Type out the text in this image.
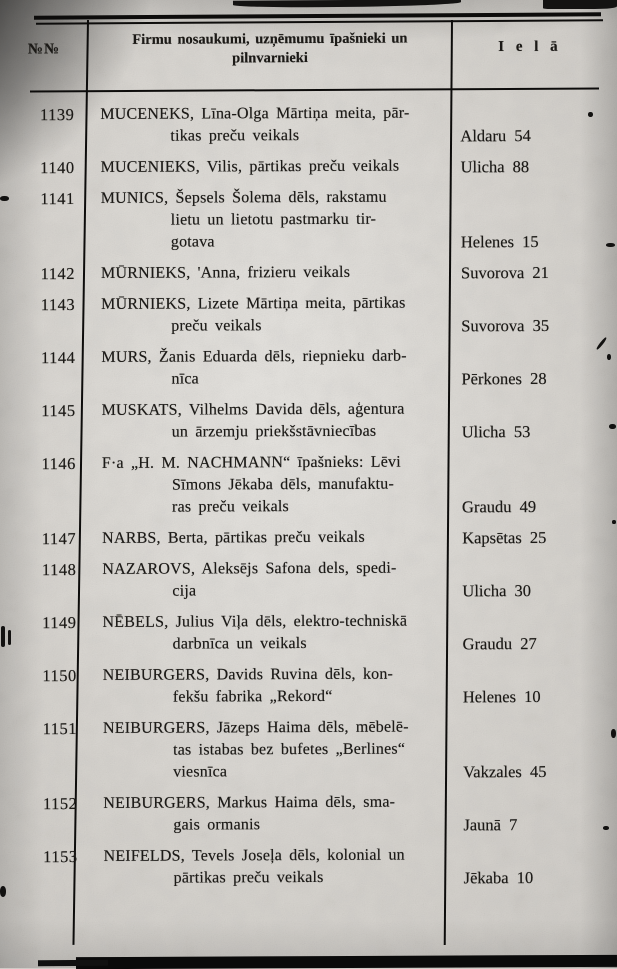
№№
Firmu nosaukumi, uzņēmumu īpašnieki un
pilnvarnieki
I e l ā
1139	MUCENEKS, Līna-Olga Mārtiņa meita, pār-
tikas preču veikals	Aldaru 54
1140	MUCENIEKS, Vilis, pārtikas preču veikals	Ulicha 88
1141	MUNICS, Šepsels Šolema dēls, rakstamu
lietu un lietotu pastmarku tir-
gotava	Helenes 15
1142	MŪRNIEKS, 'Anna, frizieru veikals	Suvorova 21
1143	MŪRNIEKS, Lizete Mārtiņa meita, pārtikas
preču veikals	Suvorova 35
1144	MURS, Žanis Eduarda dēls, riepnieku darb-
nīca	Pērkones 28
1145	MUSKATS, Vilhelms Davida dēls, aģentura
un ārzemju priekšstāvniecības	Ulicha 53
1146	F·a „H. M. NACHMANN“ īpašnieks: Lēvi
Sīmons Jēkaba dēls, manufaktu-
ras preču veikals	Graudu 49
1147	NARBS, Berta, pārtikas preču veikals	Kapsētas 25
1148	NAZAROVS, Aleksējs Safona dels, spedi-
cija	Ulicha 30
1149	NĒBELS, Julius Viļa dēls, elektro-techniskā
darbnīca un veikals	Graudu 27
1150	NEIBURGERS, Davids Ruvina dēls, kon-
fekšu fabrika „Rekord“	Helenes 10
1151	NEIBURGERS, Jāzeps Haima dēls, mēbelē-
tas istabas bez bufetes „Berlines“
viesnīca	Vakzales 45
1152	NEIBURGERS, Markus Haima dēls, sma-
gais ormanis	Jaunā 7
1153	NEIFELDS, Tevels Joseļa dēls, kolonial un
pārtikas preču veikals	Jēkaba 10
